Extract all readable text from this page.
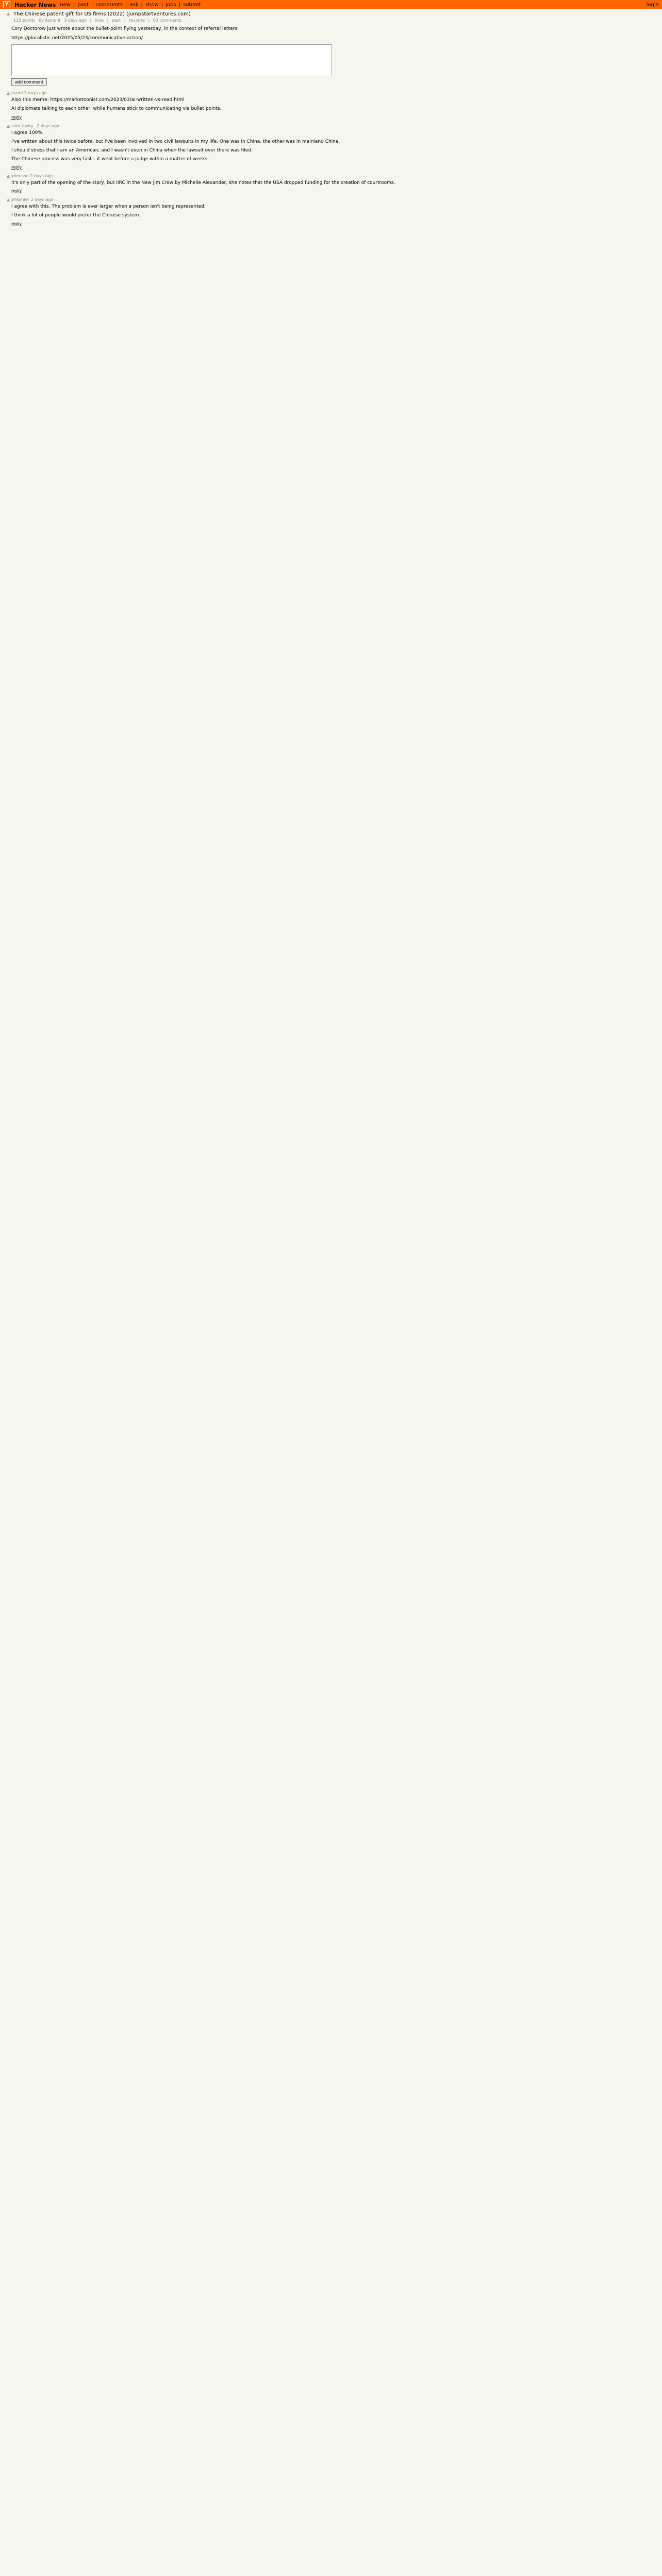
Y	Hacker News new | past | comments | ask | show | jobs | submit	login
▲ The Chinese patent gift for US firms (2022) (jumpstartventures.com)
115 points by ilamont 3 days ago | hide | past | favorite | 63 comments

Cory Doctorow just wrote about the bullet-point flying yesterday, in the context of referral letters:

https://pluralistic.net/2025/05/23/communicative-action/

add comment
▲ jeand 3 days ago

Also this meme: https://marketoonist.com/2023/03/ai-written-vs-read.html

AI diplomats talking to each other, while humans stick to communicating via bullet points.

reply
▲ sam_lowry_ 2 days ago

I agree 100%.

I've written about this twice before, but I've been involved in two civil lawsuits in my life. One was in China, the other was in mainland China.

I should stress that I am an American, and I wasn't even in China when the lawsuit over there was filed.

The Chinese process was very fast – it went before a judge within a matter of weeks.

reply
▲ kbenson 2 days ago

It's only part of the opening of the story, but IIRC in the New Jim Crow by Michelle Alexander, she notes that the USA dropped funding for the creation of courtrooms.

reply
▲ phkahler 2 days ago

I agree with this. The problem is ever larger when a person isn't being represented.

I think a lot of people would prefer the Chinese system.

reply
